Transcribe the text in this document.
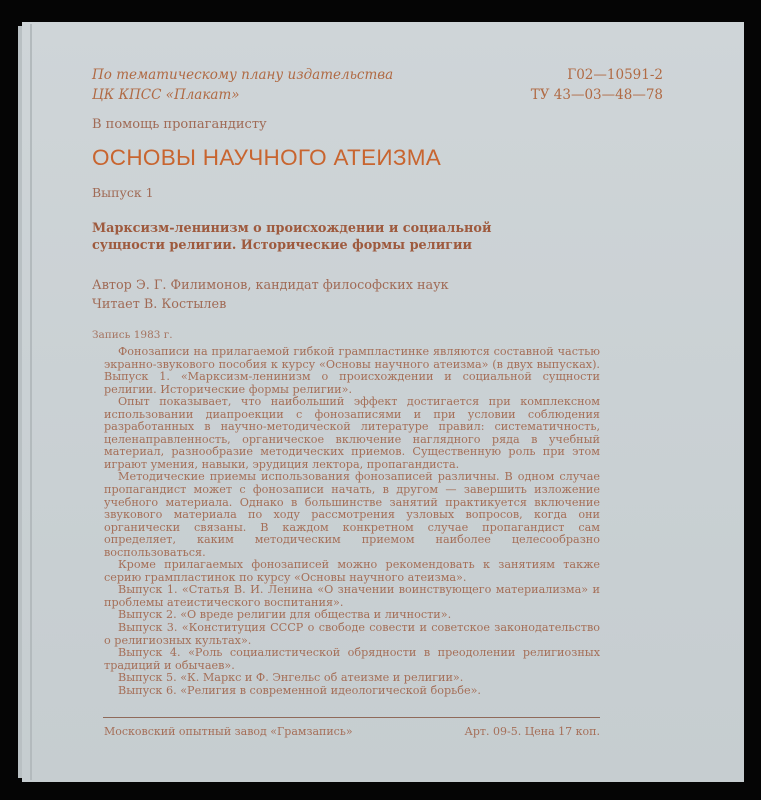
По тематическому плану издательства
ЦК КПСС «Плакат»
Г02—10591-2
ТУ 43—03—48—78
В помощь пропагандисту
ОСНОВЫ НАУЧНОГО АТЕИЗМА
Выпуск 1
Марксизм-ленинизм о происхождении и социальной
сущности религии. Исторические формы религии
Автор Э. Г. Филимонов, кандидат философских наук
Читает В. Костылев
Запись 1983 г.

Фонозаписи на прилагаемой гибкой грампластинке являются составной частью экранно-звукового пособия к курсу «Основы научного атеизма» (в двух выпусках). Выпуск 1. «Марксизм-ленинизм о происхождении и социальной сущности религии. Исторические формы религии».

Опыт показывает, что наибольший эффект достигается при комплексном использовании диапроекции с фонозаписями и при условии соблюдения разработанных в научно-методической литературе правил: систематичность, целенаправленность, органическое включение наглядного ряда в учебный материал, разнообразие методических приемов. Существенную роль при этом играют умения, навыки, эрудиция лектора, пропагандиста.

Методические приемы использования фонозаписей различны. В одном случае пропагандист может с фонозаписи начать, в другом — завершить изложение учебного материала. Однако в большинстве занятий практикуется включение звукового материала по ходу рассмотрения узловых вопросов, когда они органически связаны. В каждом конкретном случае пропагандист сам определяет, каким методическим приемом наиболее целесообразно воспользоваться.

Кроме прилагаемых фонозаписей можно рекомендовать к занятиям также серию грампластинок по курсу «Основы научного атеизма».

Выпуск 1. «Статья В. И. Ленина «О значении воинствующего материализма» и проблемы атеистического воспитания».

Выпуск 2. «О вреде религии для общества и личности».

Выпуск 3. «Конституция СССР о свободе совести и советское законодательство о религиозных культах».

Выпуск 4. «Роль социалистической обрядности в преодолении религиозных традиций и обычаев».

Выпуск 5. «К. Маркс и Ф. Энгельс об атеизме и религии».

Выпуск 6. «Религия в современной идеологической борьбе».

Московский опытный завод «Грамзапись»	Арт. 09-5. Цена 17 коп.
